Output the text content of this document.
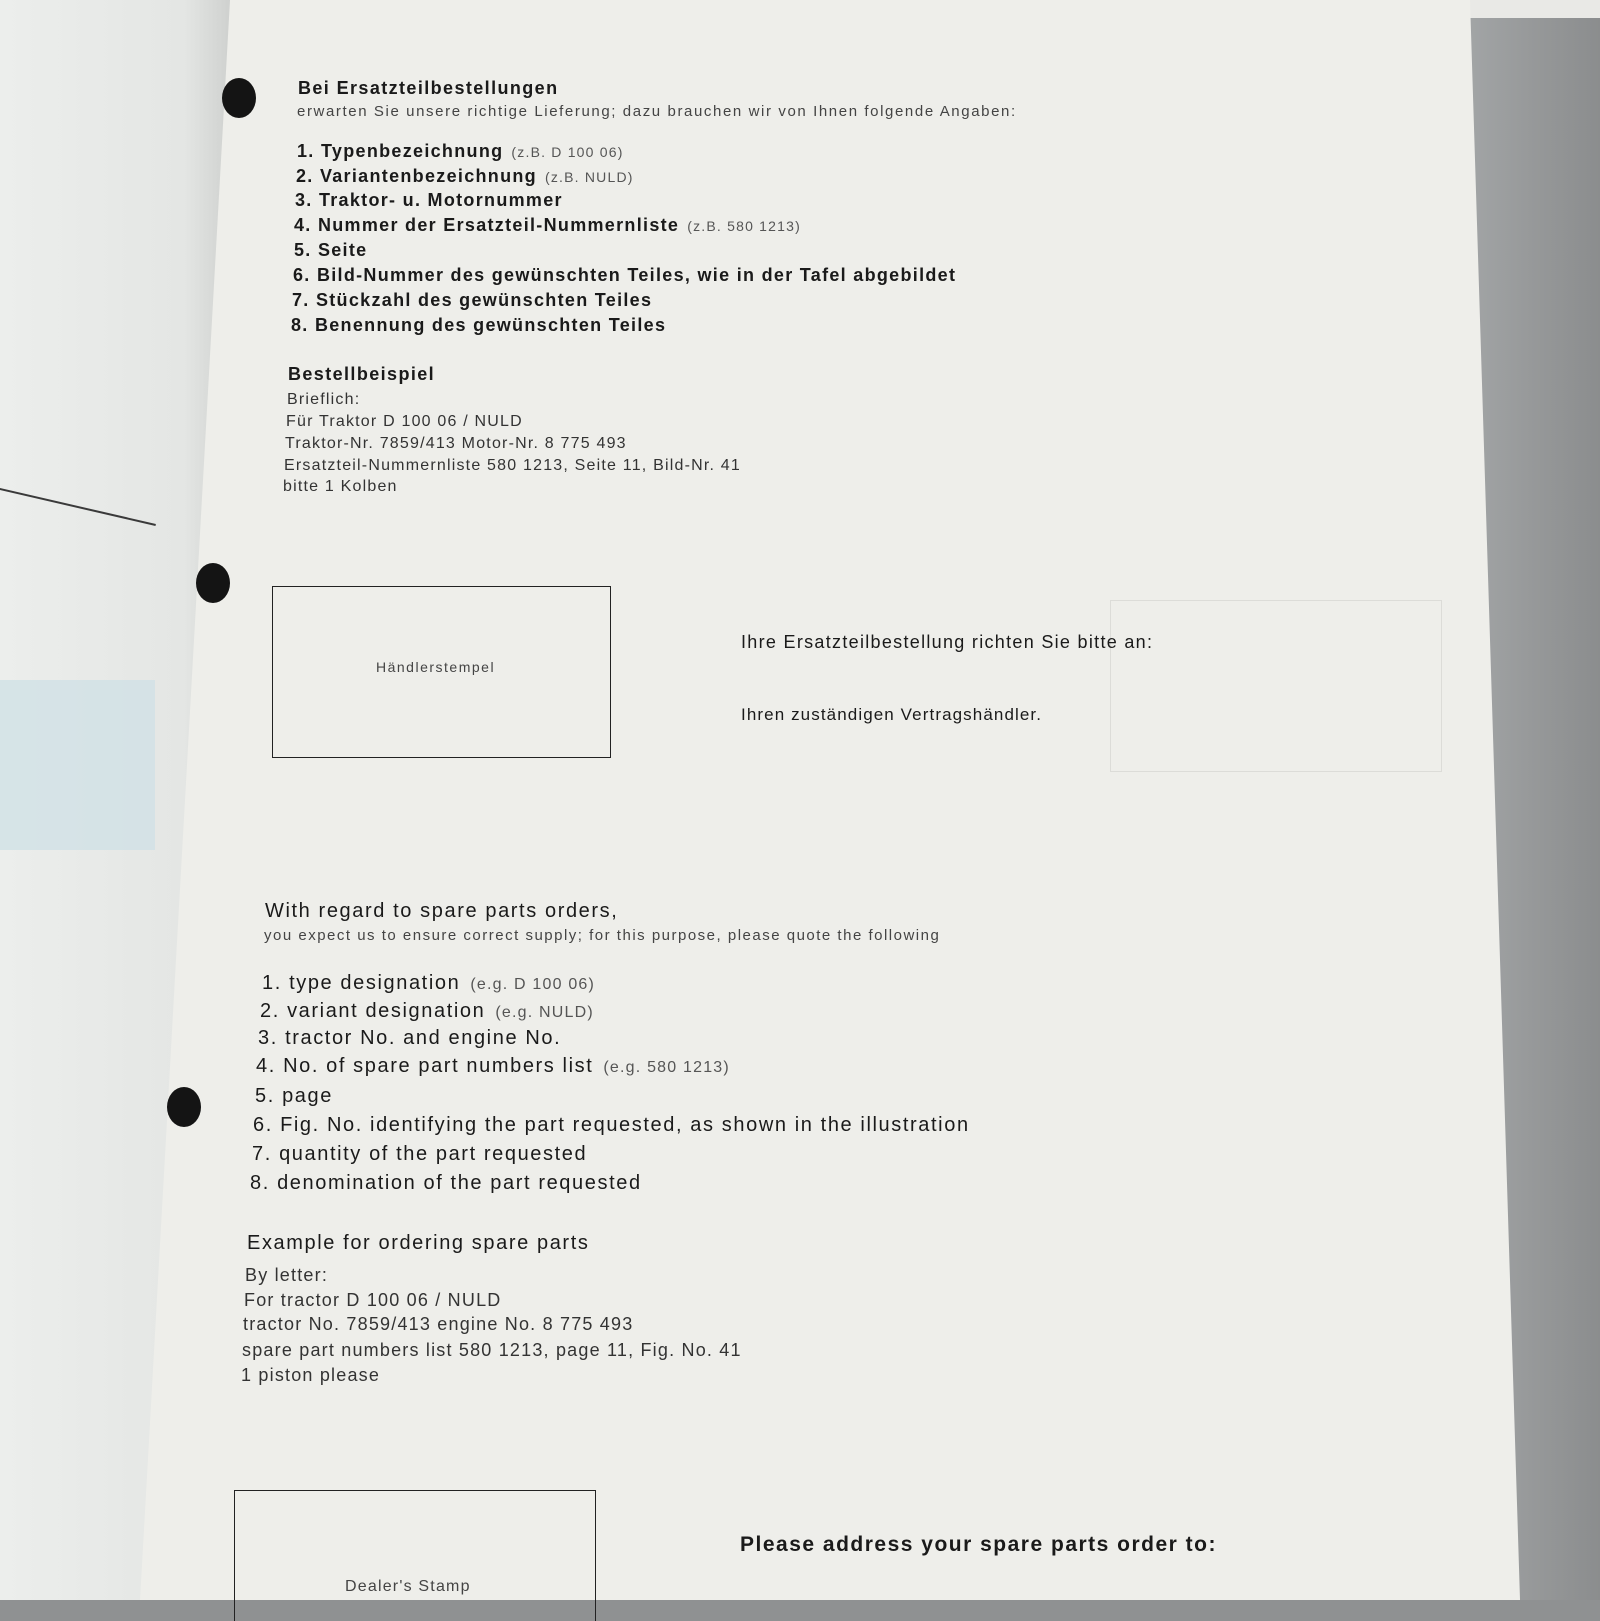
Bei Ersatzteilbestellungen
erwarten Sie unsere richtige Lieferung; dazu brauchen wir von Ihnen folgende Angaben:
1. Typenbezeichnung (z.B. D 100 06)
2. Variantenbezeichnung (z.B. NULD)
3. Traktor- u. Motornummer
4. Nummer der Ersatzteil-Nummernliste (z.B. 580 1213)
5. Seite
6. Bild-Nummer des gewünschten Teiles, wie in der Tafel abgebildet
7. Stückzahl des gewünschten Teiles
8. Benennung des gewünschten Teiles
Bestellbeispiel
Brieflich:
Für Traktor D 100 06 / NULD
Traktor-Nr. 7859/413 Motor-Nr. 8 775 493
Ersatzteil-Nummernliste 580 1213, Seite 11, Bild-Nr. 41
bitte 1 Kolben
Händlerstempel
Ihre Ersatzteilbestellung richten Sie bitte an:
Ihren zuständigen Vertragshändler.
With regard to spare parts orders,
you expect us to ensure correct supply; for this purpose, please quote the following
1. type designation (e.g. D 100 06)
2. variant designation (e.g. NULD)
3. tractor No. and engine No.
4. No. of spare part numbers list (e.g. 580 1213)
5. page
6. Fig. No. identifying the part requested, as shown in the illustration
7. quantity of the part requested
8. denomination of the part requested
Example for ordering spare parts
By letter:
For tractor D 100 06 / NULD
tractor No. 7859/413 engine No. 8 775 493
spare part numbers list 580 1213, page 11, Fig. No. 41
1 piston please
Dealer's Stamp
Please address your spare parts order to:
